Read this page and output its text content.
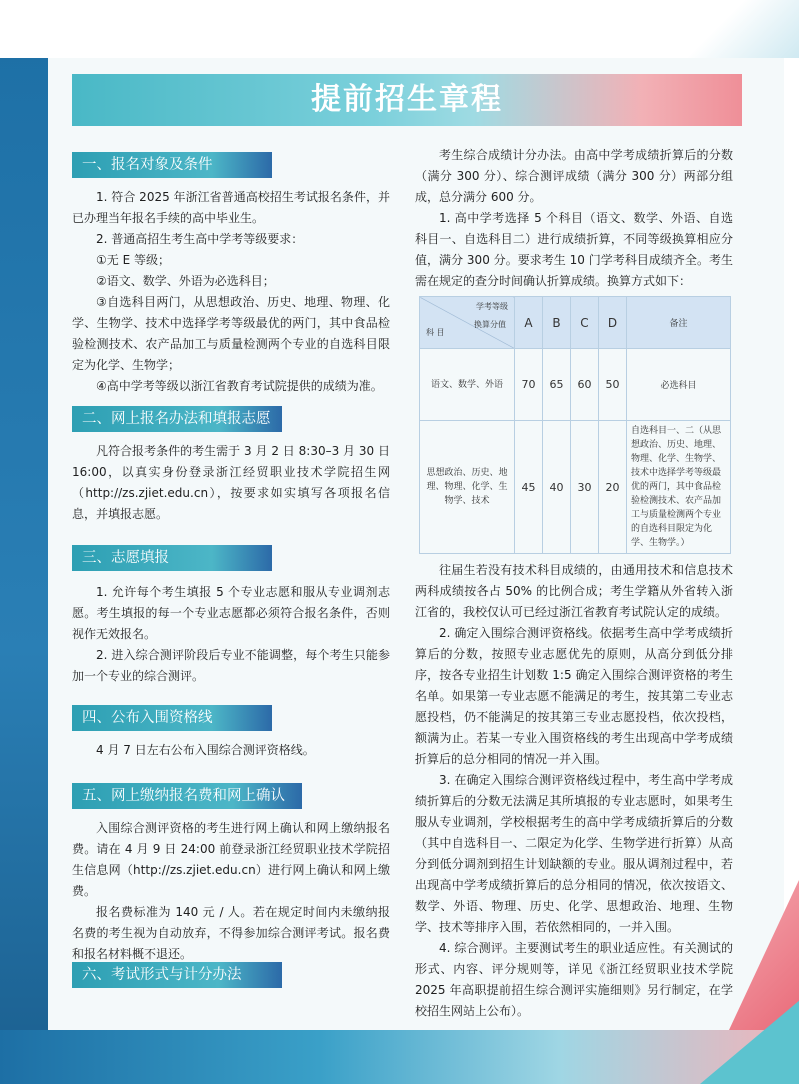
提前招生章程
一、报名对象及条件

1. 符合 2025 年浙江省普通高校招生考试报名条件，并已办理当年报名手续的高中毕业生。

2. 普通高招生考生高中学考等级要求：

①无 E 等级；

②语文、数学、外语为必选科目；

③自选科目两门，从思想政治、历史、地理、物理、化学、生物学、技术中选择学考等级最优的两门，其中食品检验检测技术、农产品加工与质量检测两个专业的自选科目限定为化学、生物学；

④高中学考等级以浙江省教育考试院提供的成绩为准。

二、网上报名办法和填报志愿

凡符合报考条件的考生需于 3 月 2 日 8:30–3 月 30 日 16:00，以真实身份登录浙江经贸职业技术学院招生网（http://zs.zjiet.edu.cn），按要求如实填写各项报名信息，并填报志愿。

三、志愿填报

1. 允许每个考生填报 5 个专业志愿和服从专业调剂志愿。考生填报的每一个专业志愿都必须符合报名条件，否则视作无效报名。

2. 进入综合测评阶段后专业不能调整，每个考生只能参加一个专业的综合测评。

四、公布入围资格线

4 月 7 日左右公布入围综合测评资格线。

五、网上缴纳报名费和网上确认

入围综合测评资格的考生进行网上确认和网上缴纳报名费。请在 4 月 9 日 24:00 前登录浙江经贸职业技术学院招生信息网（http://zs.zjiet.edu.cn）进行网上确认和网上缴费。

报名费标准为 140 元 / 人。若在规定时间内未缴纳报名费的考生视为自动放弃，不得参加综合测评考试。报名费和报名材料概不退还。

六、考试形式与计分办法

考生综合成绩计分办法。由高中学考成绩折算后的分数（满分 300 分）、综合测评成绩（满分 300 分）两部分组成，总分满分 600 分。

1. 高中学考选择 5 个科目（语文、数学、外语、自选科目一、自选科目二）进行成绩折算，不同等级换算相应分值，满分 300 分。要求考生 10 门学考科目成绩齐全。考生需在规定的查分时间确认折算成绩。换算方式如下：

学考等级
换算分值
科 目	A	B	C	D	备注
语文、数学、外语	70	65	60	50	必选科目
思想政治、历史、地理、物理、化学、生物学、技术	45	40	30	20	自选科目一、二（从思想政治、历史、地理、物理、化学、生物学、技术中选择学考等级最优的两门，其中食品检验检测技术、农产品加工与质量检测两个专业的自选科目限定为化学、生物学。）

往届生若没有技术科目成绩的，由通用技术和信息技术两科成绩按各占 50% 的比例合成；考生学籍从外省转入浙江省的，我校仅认可已经过浙江省教育考试院认定的成绩。

2. 确定入围综合测评资格线。依据考生高中学考成绩折算后的分数，按照专业志愿优先的原则，从高分到低分排序，按各专业招生计划数 1:5 确定入围综合测评资格的考生名单。如果第一专业志愿不能满足的考生，按其第二专业志愿投档，仍不能满足的按其第三专业志愿投档，依次投档，额满为止。若某一专业入围资格线的考生出现高中学考成绩折算后的总分相同的情况一并入围。

3. 在确定入围综合测评资格线过程中，考生高中学考成绩折算后的分数无法满足其所填报的专业志愿时，如果考生服从专业调剂，学校根据考生的高中学考成绩折算后的分数（其中自选科目一、二限定为化学、生物学进行折算）从高分到低分调剂到招生计划缺额的专业。服从调剂过程中，若出现高中学考成绩折算后的总分相同的情况，依次按语文、数学、外语、物理、历史、化学、思想政治、地理、生物学、技术等排序入围，若依然相同的，一并入围。

4. 综合测评。主要测试考生的职业适应性。有关测试的形式、内容、评分规则等，详见《浙江经贸职业技术学院 2025 年高职提前招生综合测评实施细则》另行制定，在学校招生网站上公布）。
